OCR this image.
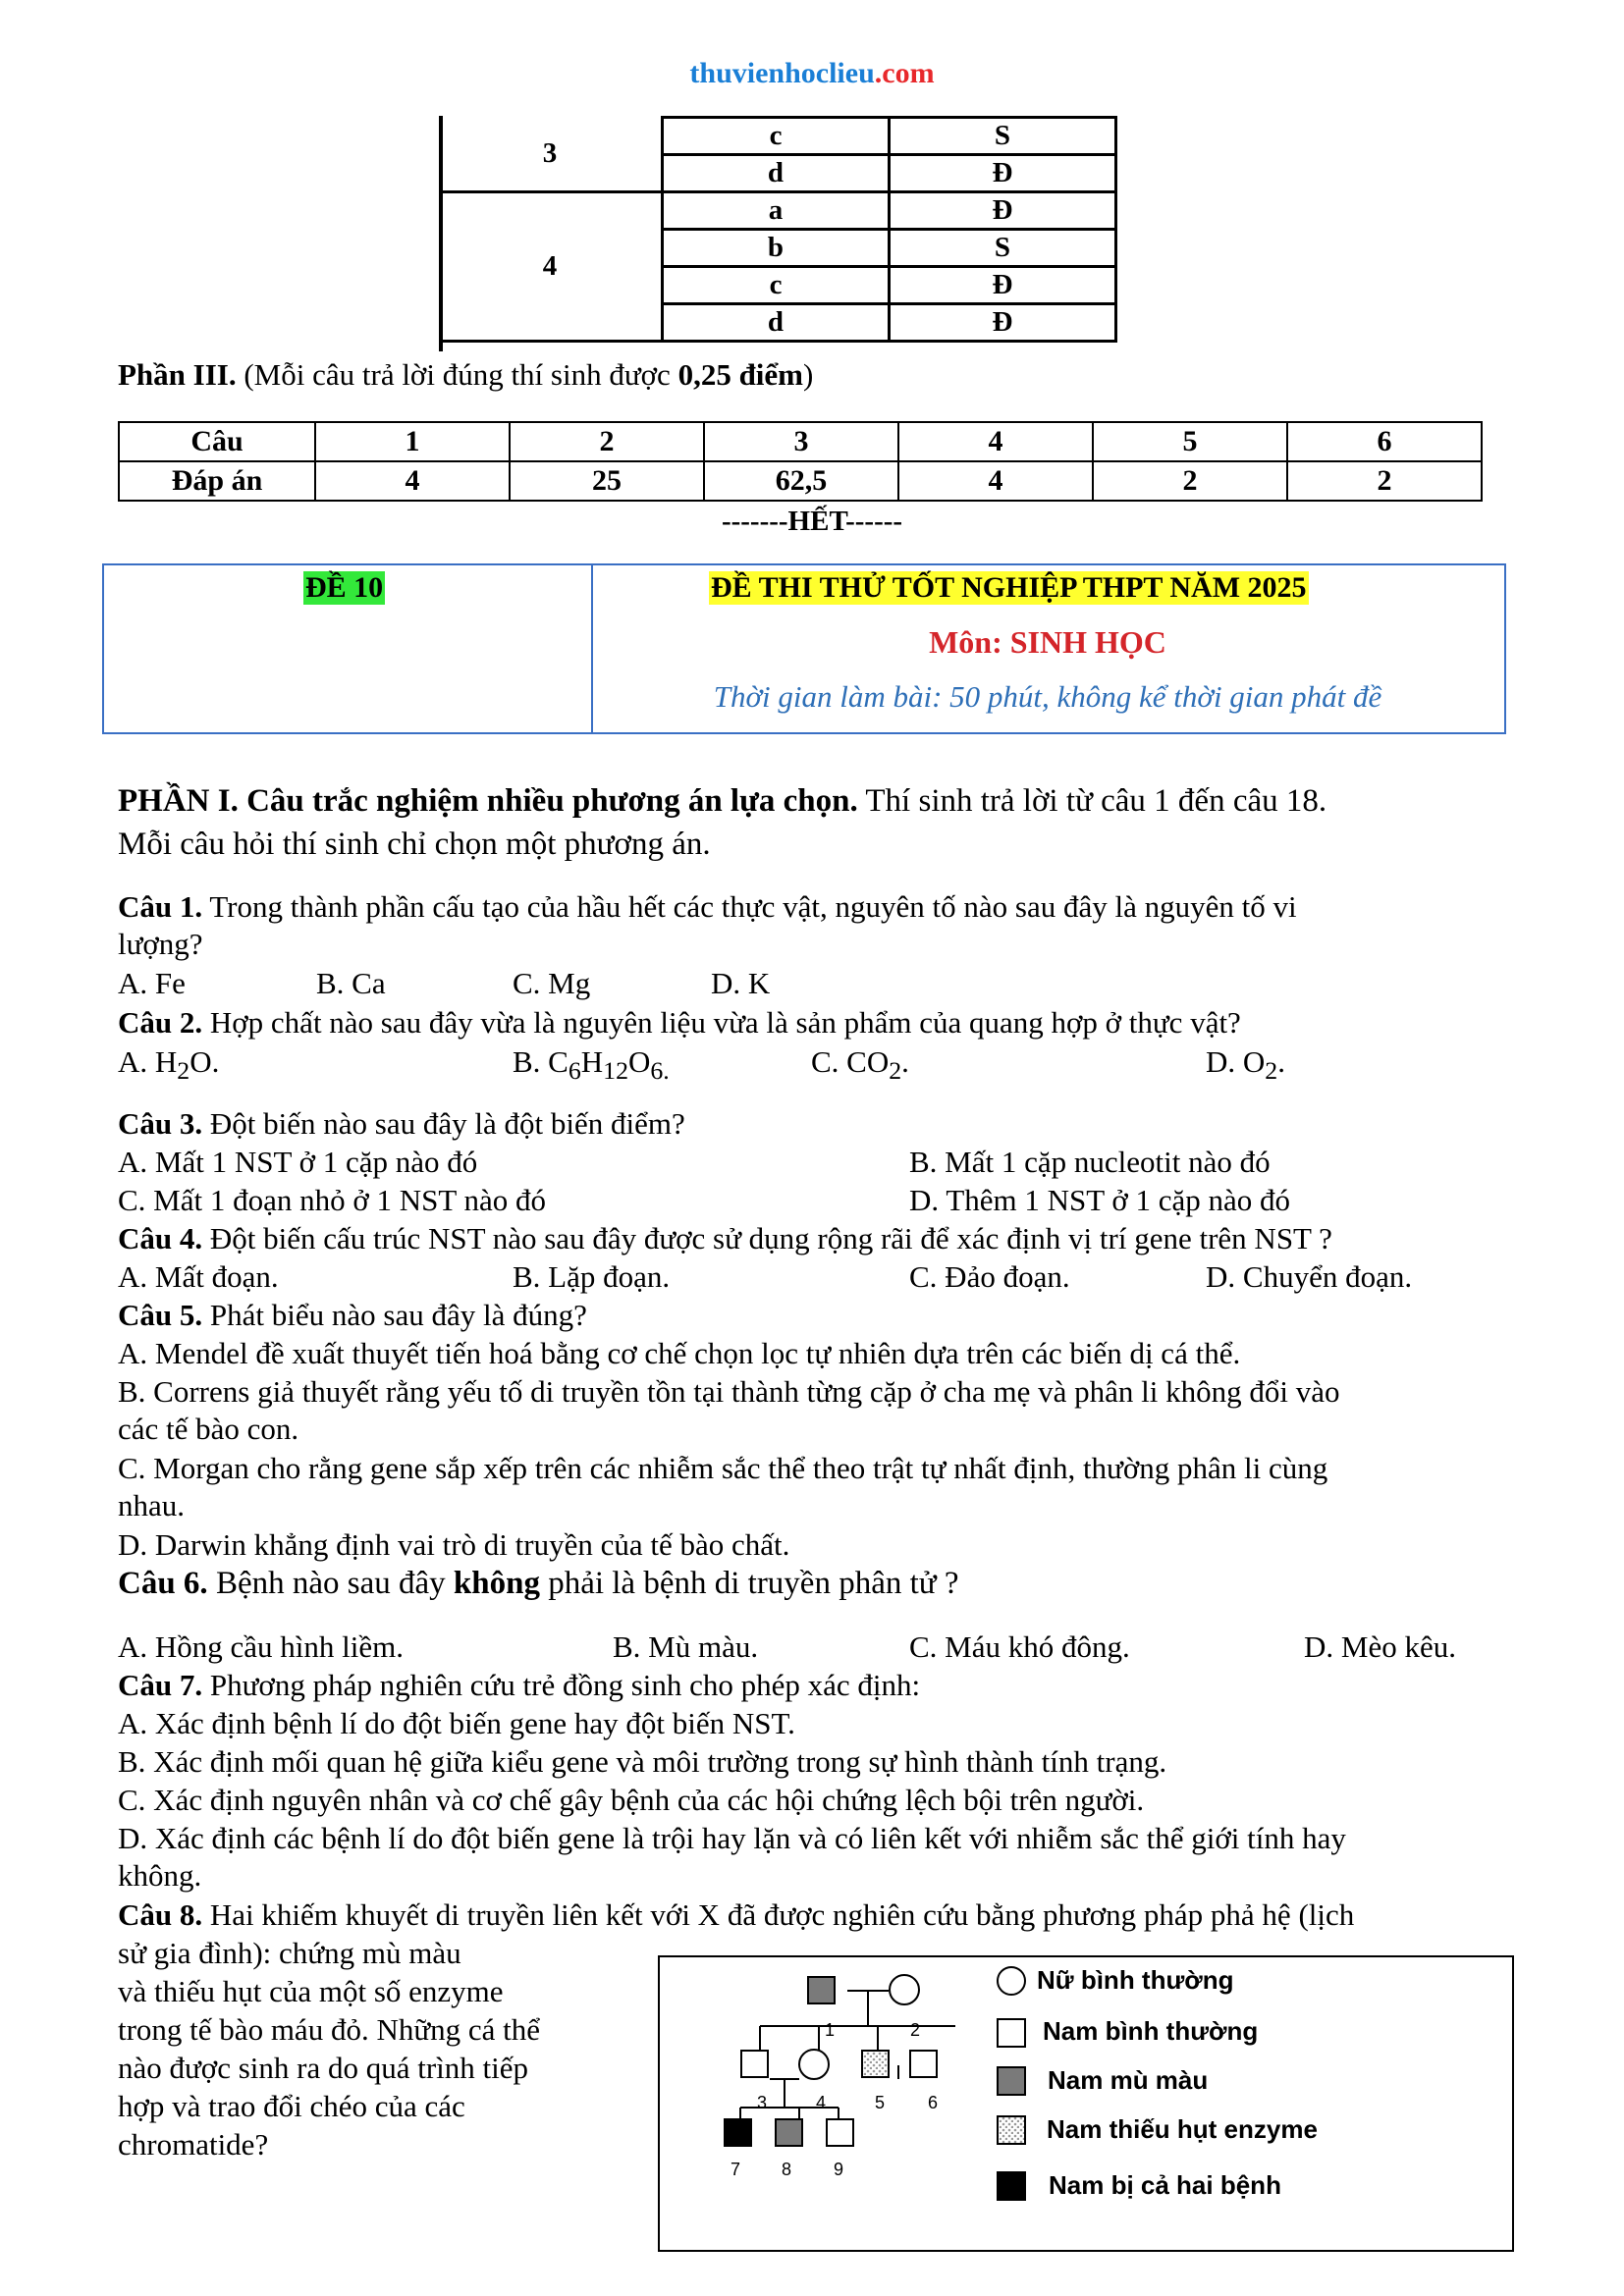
thuvienhoclieu.com
3	c	S
	d	Đ
4	a	Đ
	b	S
	c	Đ
	d	Đ
Phần III. (Mỗi câu trả lời đúng thí sinh được 0,25 điểm)
Câu	1	2	3	4	5	6
Đáp án	4	25	62,5	4	2	2
-------HẾT------
ĐỀ 10	ĐỀ THI THỬ TỐT NGHIỆP THPT NĂM 2025
Môn: SINH HỌC
Thời gian làm bài: 50 phút, không kể thời gian phát đề
PHẦN I. Câu trắc nghiệm nhiều phương án lựa chọn. Thí sinh trả lời từ câu 1 đến câu 18.
Mỗi câu hỏi thí sinh chỉ chọn một phương án.
Câu 1. Trong thành phần cấu tạo của hầu hết các thực vật, nguyên tố nào sau đây là nguyên tố vi
lượng?
A. Fe	B. Ca	C. Mg	D. K
Câu 2. Hợp chất nào sau đây vừa là nguyên liệu vừa là sản phẩm của quang hợp ở thực vật?
A. $H_2O$.	B. $C_6H_{12}O_{6.}$	C. $CO_2$.	D. $O_2$.
Câu 3. Đột biến nào sau đây là đột biến điểm?
A. Mất 1 NST ở 1 cặp nào đó	B. Mất 1 cặp nucleotit nào đó
C. Mất 1 đoạn nhỏ ở 1 NST nào đó	D. Thêm 1 NST ở 1 cặp nào đó
Câu 4. Đột biến cấu trúc NST nào sau đây được sử dụng rộng rãi để xác định vị trí gene trên NST ?
A. Mất đoạn.	B. Lặp đoạn.	C. Đảo đoạn.	D. Chuyển đoạn.
Câu 5. Phát biểu nào sau đây là đúng?
A. Mendel đề xuất thuyết tiến hoá bằng cơ chế chọn lọc tự nhiên dựa trên các biến dị cá thể.
B. Correns giả thuyết rằng yếu tố di truyền tồn tại thành từng cặp ở cha mẹ và phân li không đổi vào
các tế bào con.
C. Morgan cho rằng gene sắp xếp trên các nhiễm sắc thể theo trật tự nhất định, thường phân li cùng
nhau.
D. Darwin khẳng định vai trò di truyền của tế bào chất.
Câu 6. Bệnh nào sau đây không phải là bệnh di truyền phân tử ?
A. Hồng cầu hình liềm.	B. Mù màu.	C. Máu khó đông.	D. Mèo kêu.
Câu 7. Phương pháp nghiên cứu trẻ đồng sinh cho phép xác định:
A. Xác định bệnh lí do đột biến gene hay đột biến NST.
B. Xác định mối quan hệ giữa kiểu gene và môi trường trong sự hình thành tính trạng.
C. Xác định nguyên nhân và cơ chế gây bệnh của các hội chứng lệch bội trên người.
D. Xác định các bệnh lí do đột biến gene là trội hay lặn và có liên kết với nhiễm sắc thể giới tính hay
không.
Câu 8. Hai khiếm khuyết di truyền liên kết với X đã được nghiên cứu bằng phương pháp phả hệ (lịch
sử gia đình): chứng mù màu
và thiếu hụt của một số enzyme
trong tế bào máu đỏ. Những cá thể
nào được sinh ra do quá trình tiếp
hợp và trao đổi chéo của các
chromatide?
1	2
3	4	5 6
7 8 9
Nữ bình thường
Nam bình thường
Nam mù màu
Nam thiếu hụt enzyme
Nam bị cả hai bệnh
